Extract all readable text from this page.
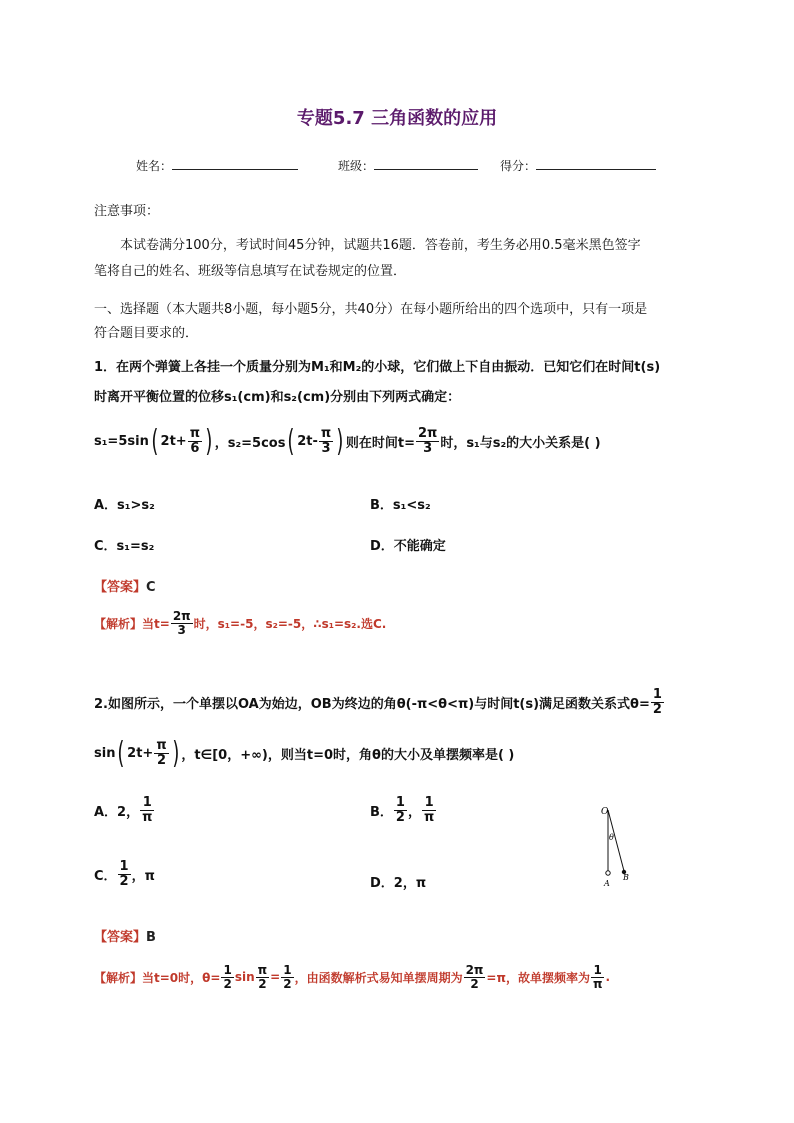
专题5.7 三角函数的应用
姓名：	班级：	得分：
注意事项：
本试卷满分100分，考试时间45分钟，试题共16题．答卷前，考生务必用0.5毫米黑色签字
笔将自己的姓名、班级等信息填写在试卷规定的位置．
一、选择题（本大题共8小题，每小题5分，共40分）在每小题所给出的四个选项中，只有一项是
符合题目要求的．
1．在两个弹簧上各挂一个质量分别为M₁和M₂的小球，它们做上下自由振动．已知它们在时间t(s)
时离开平衡位置的位移s₁(cm)和s₂(cm)分别由下列两式确定：
s₁=5sin( $2t+ \frac{\pi}{6}$ ) ，s₂=5cos( $2t- \frac{\pi}{3}$ ) 则在时间$t= \frac{2\pi}{3}$ 时，s₁与s₂的大小关系是( )
A．s₁>s₂	B．s₁<s₂
C．s₁=s₂	D．不能确定
【答案】C
【解析】当$t= \frac{2\pi}{3}$ 时，s₁=-5，s₂=-5，∴s₁=s₂.选C.
2.如图所示，一个单摆以OA为始边，OB为终边的角θ(-π<θ<π)与时间t(s)满足函数关系式$\theta= \frac{1}{2}$
sin( $2t+ \frac{\pi}{2}$ ) ，t∈[0，+∞)，则当t=0时，角θ的大小及单摆频率是( )
A．2， $\frac{1}{\pi}$	B． $\frac{1}{2}$ ， $\frac{1}{\pi}$
C． $\frac{1}{2}$ ，π	D．2，π
O
θ
A
B
【答案】B
【解析】当t=0时，$\theta= \frac{1}{2}$ $\sin \frac{\pi}{2} = \frac{1}{2}$ ，由函数解析式易知单摆周期为 $\frac{2\pi}{2} =\pi$，故单摆频率为 $\frac{1}{\pi}$ .
